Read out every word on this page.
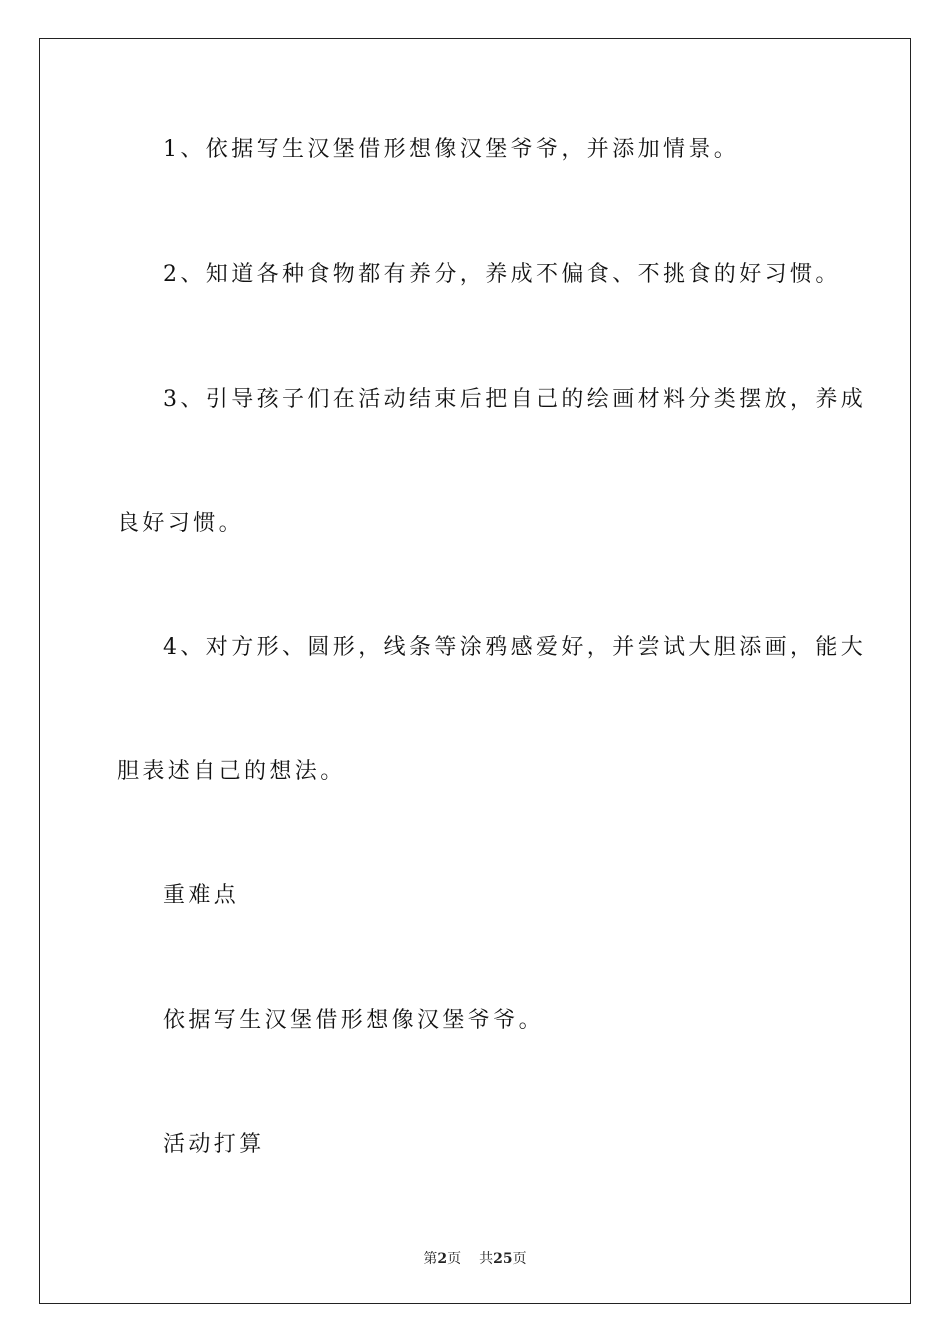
1、依据写生汉堡借形想像汉堡爷爷，并添加情景。

2、知道各种食物都有养分，养成不偏食、不挑食的好习惯。

3、引导孩子们在活动结束后把自己的绘画材料分类摆放，养成

良好习惯。

4、对方形、圆形，线条等涂鸦感爱好，并尝试大胆添画，能大

胆表述自己的想法。

重难点

依据写生汉堡借形想像汉堡爷爷。

活动打算

第2页 共25页
